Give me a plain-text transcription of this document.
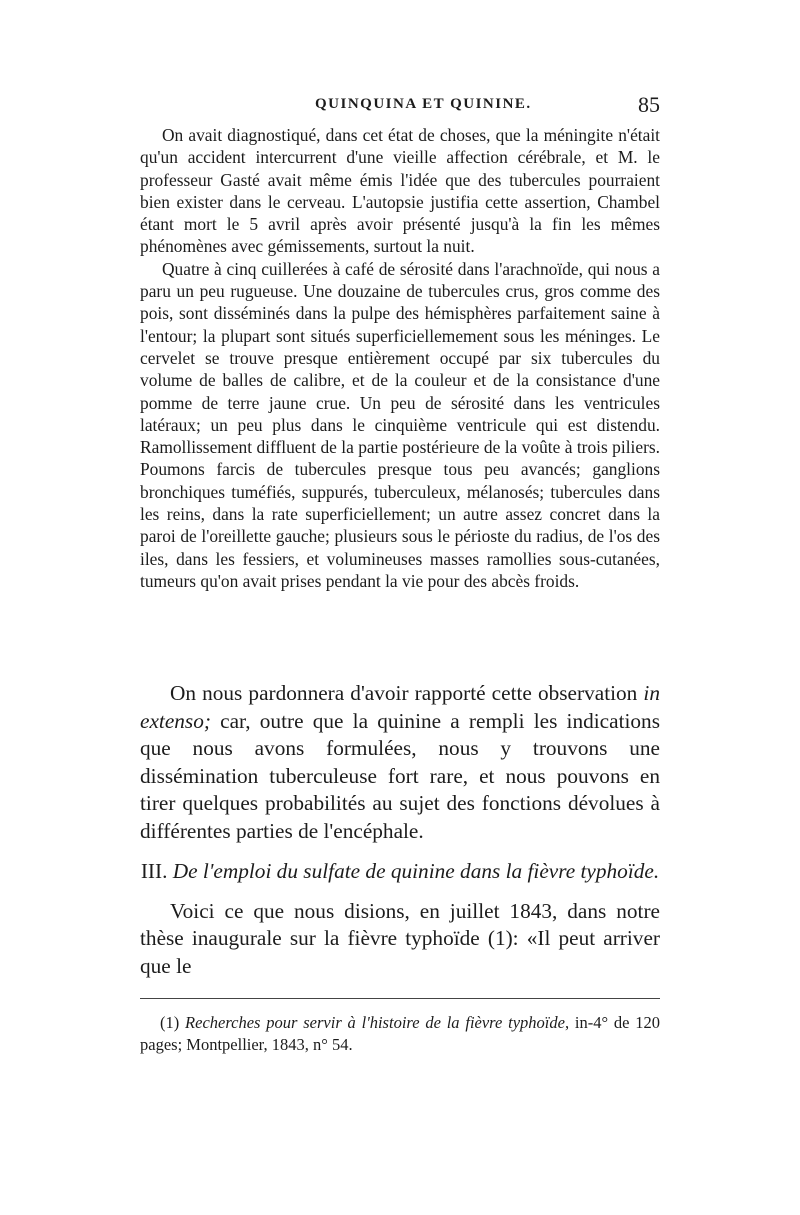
QUINQUINA ET QUININE.	85

On avait diagnostiqué, dans cet état de choses, que la méningite n'était qu'un accident intercurrent d'une vieille affection cérébrale, et M. le professeur Gasté avait même émis l'idée que des tubercules pourraient bien exister dans le cerveau. L'autopsie justifia cette assertion, Chambel étant mort le 5 avril après avoir présenté jusqu'à la fin les mêmes phénomènes avec gémissements, surtout la nuit.

Quatre à cinq cuillerées à café de sérosité dans l'arachnoïde, qui nous a paru un peu rugueuse. Une douzaine de tubercules crus, gros comme des pois, sont disséminés dans la pulpe des hémisphères parfaitement saine à l'entour; la plupart sont situés superficiellemement sous les méninges. Le cervelet se trouve presque entièrement occupé par six tubercules du volume de balles de calibre, et de la couleur et de la consistance d'une pomme de terre jaune crue. Un peu de sérosité dans les ventricules latéraux; un peu plus dans le cinquième ventricule qui est distendu. Ramollissement diffluent de la partie postérieure de la voûte à trois piliers. Poumons farcis de tubercules presque tous peu avancés; ganglions bronchiques tuméfiés, suppurés, tuberculeux, mélanosés; tubercules dans les reins, dans la rate superficiellement; un autre assez concret dans la paroi de l'oreillette gauche; plusieurs sous le périoste du radius, de l'os des iles, dans les fessiers, et volumineuses masses ramollies sous-cutanées, tumeurs qu'on avait prises pendant la vie pour des abcès froids.

On nous pardonnera d'avoir rapporté cette observation in extenso; car, outre que la quinine a rempli les indications que nous avons formulées, nous y trouvons une dissémination tuberculeuse fort rare, et nous pouvons en tirer quelques probabilités au sujet des fonctions dévolues à différentes parties de l'encéphale.

III. De l'emploi du sulfate de quinine dans la fièvre typhoïde.

Voici ce que nous disions, en juillet 1843, dans notre thèse inaugurale sur la fièvre typhoïde (1): «Il peut arriver que le

(1) Recherches pour servir à l'histoire de la fièvre typhoïde, in-4° de 120 pages; Montpellier, 1843, n° 54.
